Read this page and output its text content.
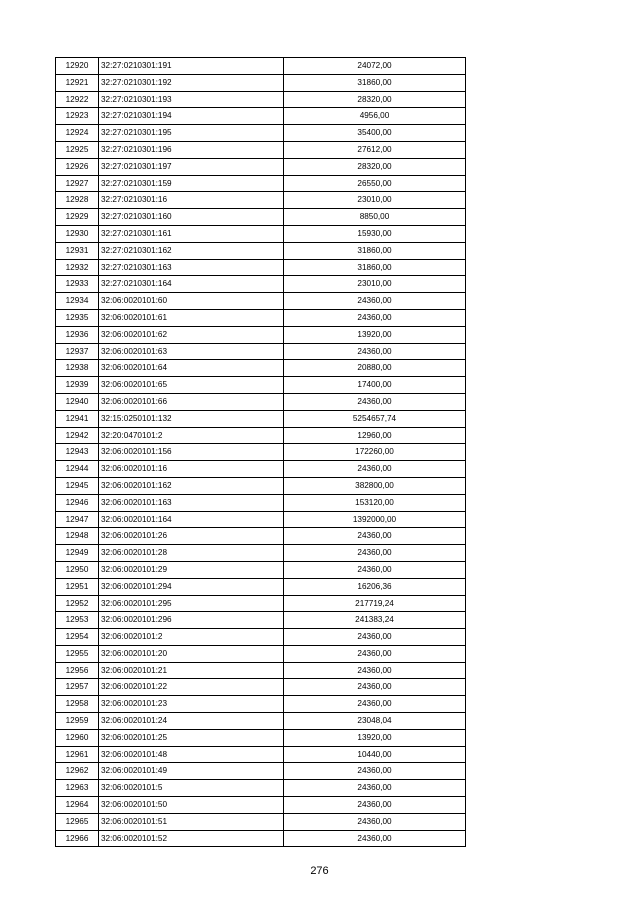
12920	32:27:0210301:191	24072,00
12921	32:27:0210301:192	31860,00
12922	32:27:0210301:193	28320,00
12923	32:27:0210301:194	4956,00
12924	32:27:0210301:195	35400,00
12925	32:27:0210301:196	27612,00
12926	32:27:0210301:197	28320,00
12927	32:27:0210301:159	26550,00
12928	32:27:0210301:16	23010,00
12929	32:27:0210301:160	8850,00
12930	32:27:0210301:161	15930,00
12931	32:27:0210301:162	31860,00
12932	32:27:0210301:163	31860,00
12933	32:27:0210301:164	23010,00
12934	32:06:0020101:60	24360,00
12935	32:06:0020101:61	24360,00
12936	32:06:0020101:62	13920,00
12937	32:06:0020101:63	24360,00
12938	32:06:0020101:64	20880,00
12939	32:06:0020101:65	17400,00
12940	32:06:0020101:66	24360,00
12941	32:15:0250101:132	5254657,74
12942	32:20:0470101:2	12960,00
12943	32:06:0020101:156	172260,00
12944	32:06:0020101:16	24360,00
12945	32:06:0020101:162	382800,00
12946	32:06:0020101:163	153120,00
12947	32:06:0020101:164	1392000,00
12948	32:06:0020101:26	24360,00
12949	32:06:0020101:28	24360,00
12950	32:06:0020101:29	24360,00
12951	32:06:0020101:294	16206,36
12952	32:06:0020101:295	217719,24
12953	32:06:0020101:296	241383,24
12954	32:06:0020101:2	24360,00
12955	32:06:0020101:20	24360,00
12956	32:06:0020101:21	24360,00
12957	32:06:0020101:22	24360,00
12958	32:06:0020101:23	24360,00
12959	32:06:0020101:24	23048,04
12960	32:06:0020101:25	13920,00
12961	32:06:0020101:48	10440,00
12962	32:06:0020101:49	24360,00
12963	32:06:0020101:5	24360,00
12964	32:06:0020101:50	24360,00
12965	32:06:0020101:51	24360,00
12966	32:06:0020101:52	24360,00
276
